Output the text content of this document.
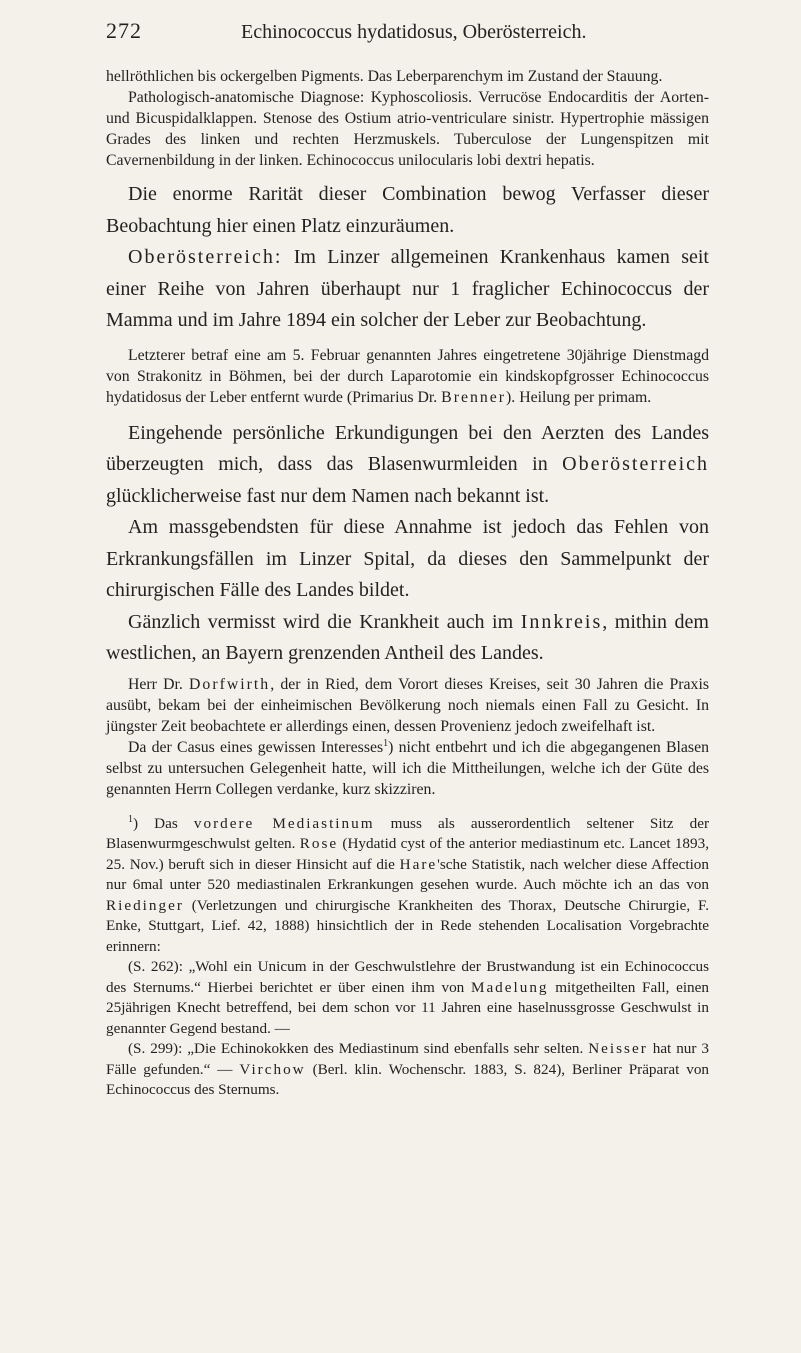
272	Echinococcus hydatidosus, Oberösterreich.

hellröthlichen bis ockergelben Pigments. Das Leberparenchym im Zustand der Stauung.

Pathologisch-anatomische Diagnose: Kyphoscoliosis. Verrucöse Endocarditis der Aorten- und Bicuspidalklappen. Stenose des Ostium atrio-ventriculare sinistr. Hypertrophie mässigen Grades des linken und rechten Herzmuskels. Tuberculose der Lungenspitzen mit Cavernenbildung in der linken. Echinococcus unilocularis lobi dextri hepatis.

Die enorme Rarität dieser Combination bewog Verfasser dieser Beobachtung hier einen Platz einzuräumen.

Oberösterreich: Im Linzer allgemeinen Krankenhaus kamen seit einer Reihe von Jahren überhaupt nur 1 fraglicher Echinococcus der Mamma und im Jahre 1894 ein solcher der Leber zur Beobachtung.

Letzterer betraf eine am 5. Februar genannten Jahres eingetretene 30jährige Dienstmagd von Strakonitz in Böhmen, bei der durch Laparotomie ein kindskopfgrosser Echinococcus hydatidosus der Leber entfernt wurde (Primarius Dr. Brenner). Heilung per primam.

Eingehende persönliche Erkundigungen bei den Aerzten des Landes überzeugten mich, dass das Blasenwurmleiden in Oberösterreich glücklicherweise fast nur dem Namen nach bekannt ist.

Am massgebendsten für diese Annahme ist jedoch das Fehlen von Erkrankungsfällen im Linzer Spital, da dieses den Sammelpunkt der chirurgischen Fälle des Landes bildet.

Gänzlich vermisst wird die Krankheit auch im Innkreis, mithin dem westlichen, an Bayern grenzenden Antheil des Landes.

Herr Dr. Dorfwirth, der in Ried, dem Vorort dieses Kreises, seit 30 Jahren die Praxis ausübt, bekam bei der einheimischen Bevölkerung noch niemals einen Fall zu Gesicht. In jüngster Zeit beobachtete er allerdings einen, dessen Provenienz jedoch zweifelhaft ist.

Da der Casus eines gewissen Interesses$^1$) nicht entbehrt und ich die abgegangenen Blasen selbst zu untersuchen Gelegenheit hatte, will ich die Mittheilungen, welche ich der Güte des genannten Herrn Collegen verdanke, kurz skizziren.

$^1$) Das vordere Mediastinum muss als ausserordentlich seltener Sitz der Blasenwurmgeschwulst gelten. Rose (Hydatid cyst of the anterior mediastinum etc. Lancet 1893, 25. Nov.) beruft sich in dieser Hinsicht auf die Hare'sche Statistik, nach welcher diese Affection nur 6mal unter 520 mediastinalen Erkrankungen gesehen wurde. Auch möchte ich an das von Riedinger (Verletzungen und chirurgische Krankheiten des Thorax, Deutsche Chirurgie, F. Enke, Stuttgart, Lief. 42, 1888) hinsichtlich der in Rede stehenden Localisation Vorgebrachte erinnern:

(S. 262): „Wohl ein Unicum in der Geschwulstlehre der Brustwandung ist ein Echinococcus des Sternums.“ Hierbei berichtet er über einen ihm von Madelung mitgetheilten Fall, einen 25jährigen Knecht betreffend, bei dem schon vor 11 Jahren eine haselnussgrosse Geschwulst in genannter Gegend bestand. —

(S. 299): „Die Echinokokken des Mediastinum sind ebenfalls sehr selten. Neisser hat nur 3 Fälle gefunden.“ — Virchow (Berl. klin. Wochenschr. 1883, S. 824), Berliner Präparat von Echinococcus des Sternums.
